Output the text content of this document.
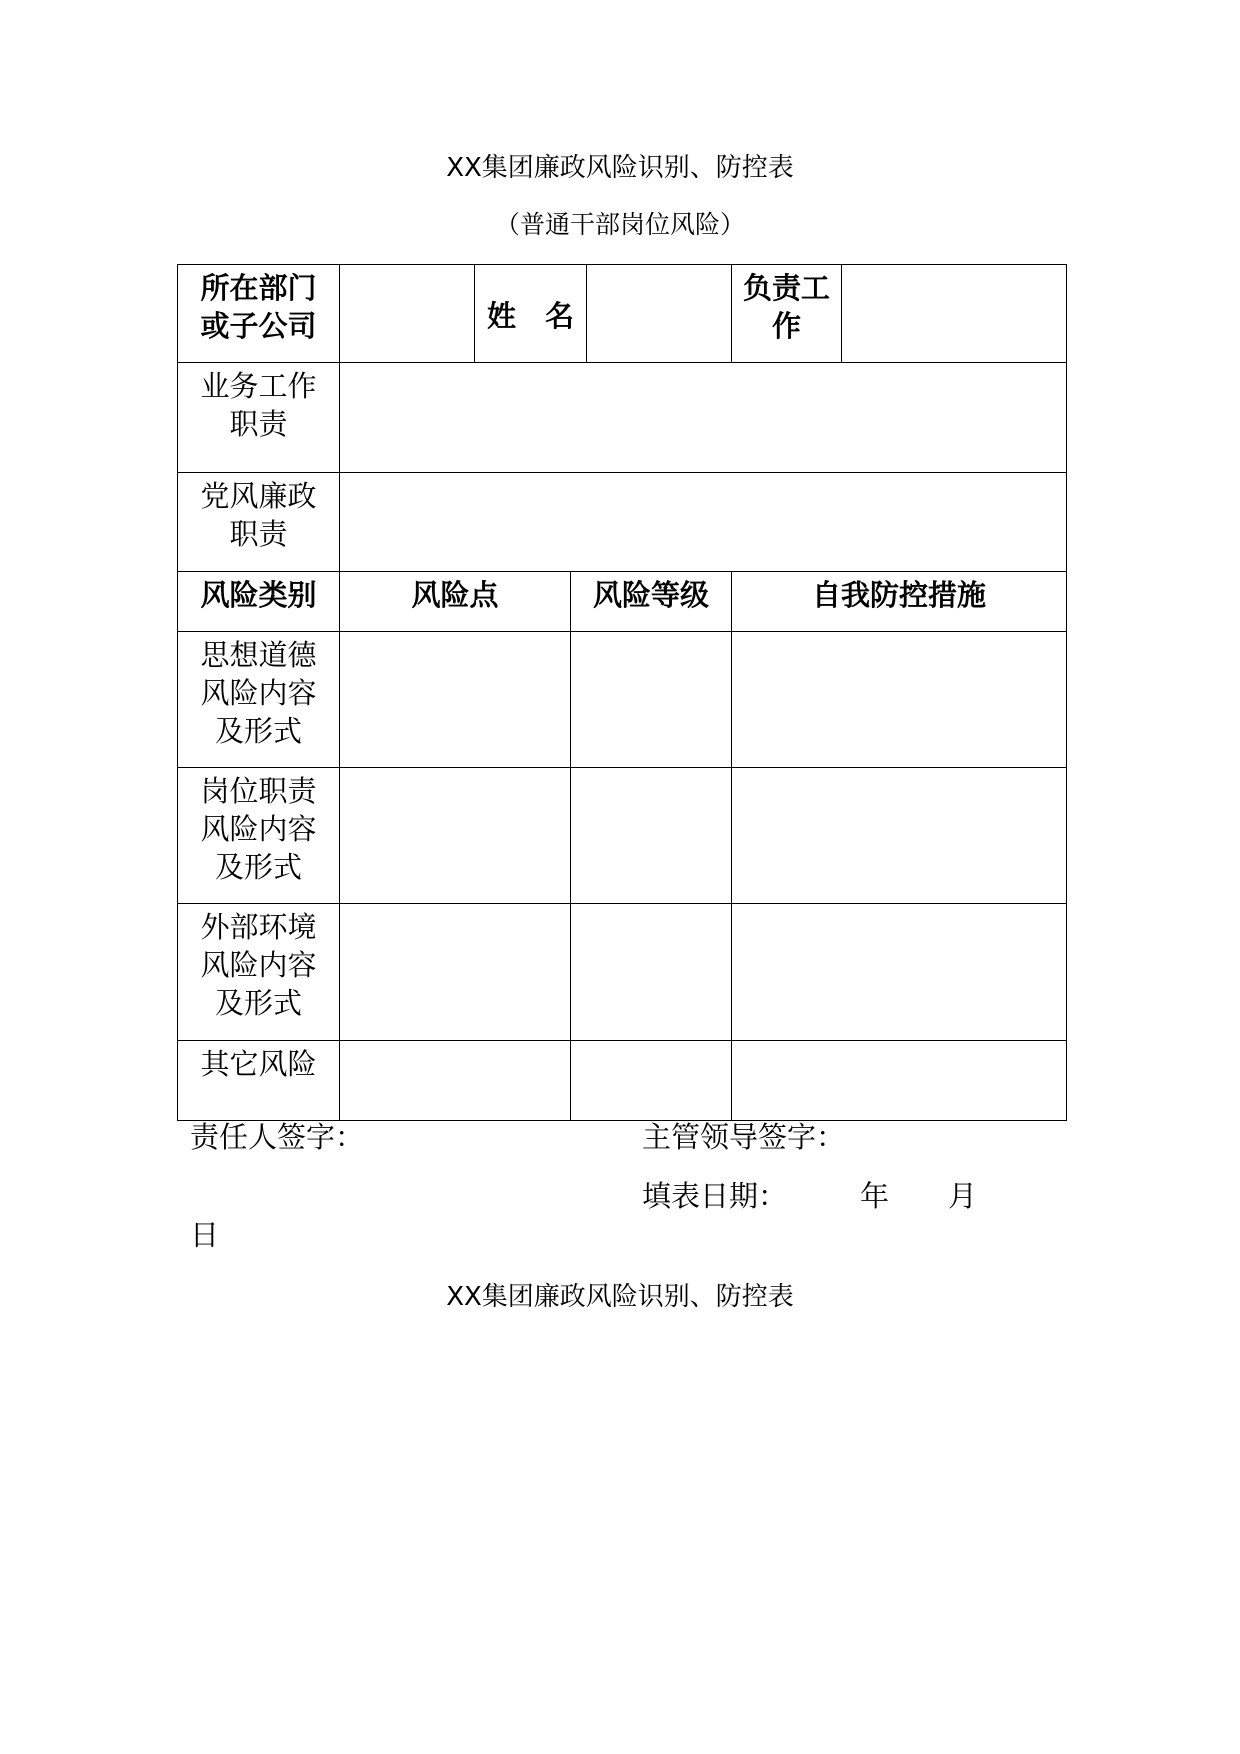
XX集团廉政风险识别、防控表
（普通干部岗位风险）
所在部门或子公司		姓　名			负责工作	
业务工作职责						
党风廉政职责						
风险类别	风险点		风险等级		自我防控措施	
思想道德风险内容及形式						
岗位职责风险内容及形式						
外部环境风险内容及形式						
其它风险						
责任人签字：	主管领导签字：
填表日期：	年 月
日
XX集团廉政风险识别、防控表
